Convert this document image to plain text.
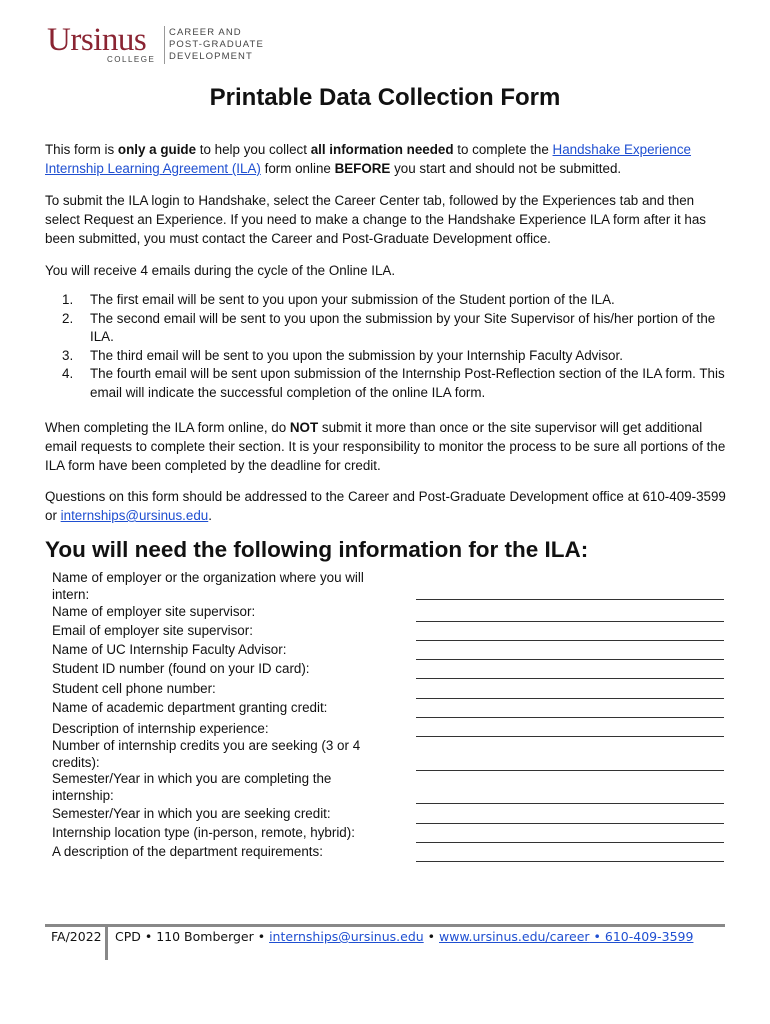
Ursinus
COLLEGE
CAREER AND
POST-GRADUATE
DEVELOPMENT
Printable Data Collection Form

This form is only a guide to help you collect all information needed to complete the Handshake Experience Internship Learning Agreement (ILA) form online BEFORE you start and should not be submitted.

To submit the ILA login to Handshake, select the Career Center tab, followed by the Experiences tab and then select Request an Experience. If you need to make a change to the Handshake Experience ILA form after it has been submitted, you must contact the Career and Post-Graduate Development office.

You will receive 4 emails during the cycle of the Online ILA.

1. The first email will be sent to you upon your submission of the Student portion of the ILA.
2. The second email will be sent to you upon the submission by your Site Supervisor of his/her portion of the ILA.
3. The third email will be sent to you upon the submission by your Internship Faculty Advisor.
4. The fourth email will be sent upon submission of the Internship Post-Reflection section of the ILA form. This email will indicate the successful completion of the online ILA form.

When completing the ILA form online, do NOT submit it more than once or the site supervisor will get additional email requests to complete their section. It is your responsibility to monitor the process to be sure all portions of the ILA form have been completed by the deadline for credit.

Questions on this form should be addressed to the Career and Post-Graduate Development office at 610-409-3599 or internships@ursinus.edu.

You will need the following information for the ILA:
Name of employer or the organization where you will intern:
Name of employer site supervisor:
Email of employer site supervisor:
Name of UC Internship Faculty Advisor:
Student ID number (found on your ID card):
Student cell phone number:
Name of academic department granting credit:
Description of internship experience:
Number of internship credits you are seeking (3 or 4 credits):
Semester/Year in which you are completing the internship:
Semester/Year in which you are seeking credit:
Internship location type (in-person, remote, hybrid):
A description of the department requirements:
FA/2022 CPD • 110 Bomberger • internships@ursinus.edu • www.ursinus.edu/career • 610-409-3599
